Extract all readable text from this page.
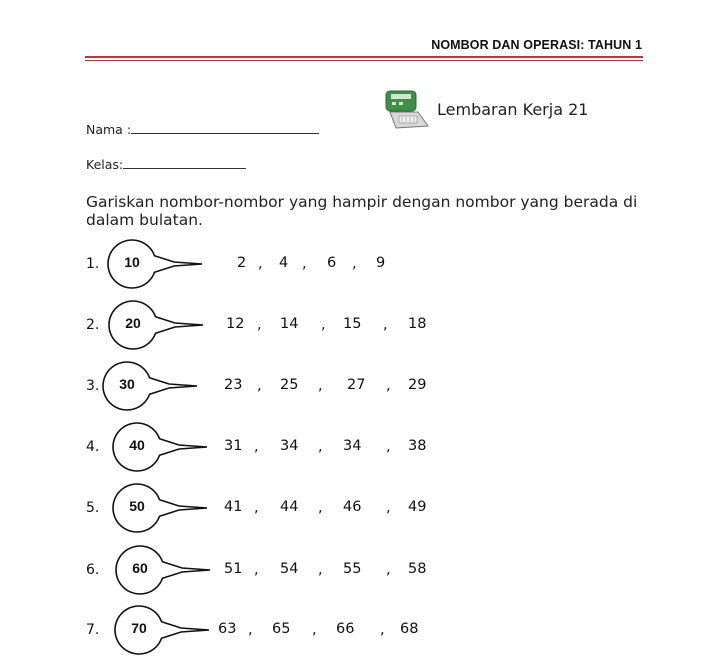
NOMBOR DAN OPERASI: TAHUN 1
Lembaran Kerja 21
Nama :
Kelas:
Gariskan nombor-nombor yang hampir dengan nombor yang berada di dalam bulatan.
1.	10	2 , 4 , 6 , 9
2.	20	12 , 14 , 15 , 18
3.	30	23 , 25 , 27 , 29
4.	40	31 , 34 , 34 , 38
5.	50	41 , 44 , 46 , 49
6.	60	51 , 54 , 55 , 58
7.	70	63 , 65 , 66 , 68
